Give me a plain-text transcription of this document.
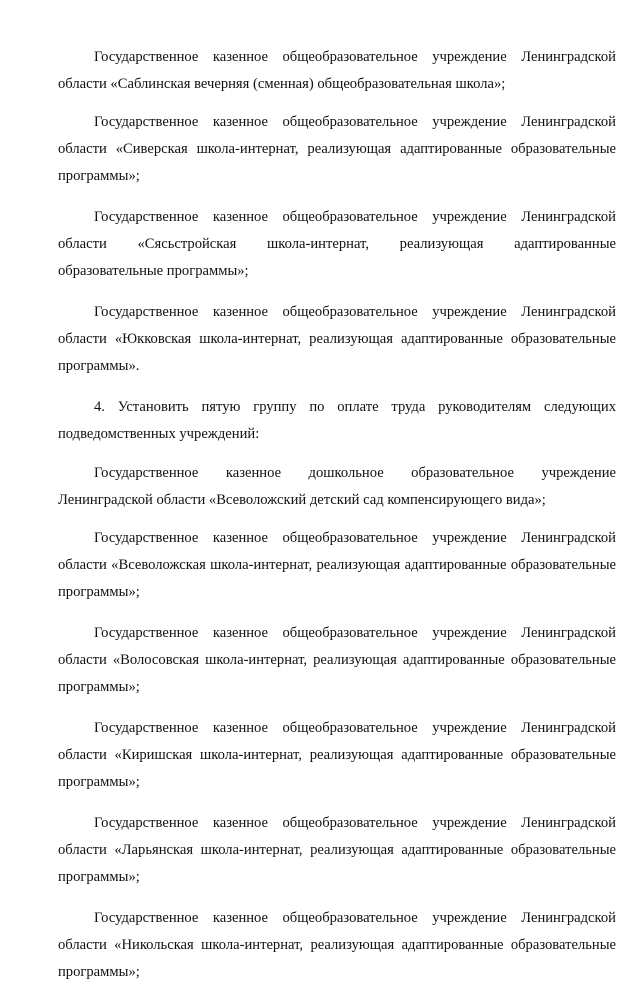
Государственное казенное общеобразовательное учреждение Ленинградской области «Саблинская вечерняя (сменная) общеобразовательная школа»;

Государственное казенное общеобразовательное учреждение Ленинградской области «Сиверская школа-интернат, реализующая адаптированные образовательные программы»;

Государственное казенное общеобразовательное учреждение Ленинградской области «Сясьстройская школа-интернат, реализующая адаптированные образовательные программы»;

Государственное казенное общеобразовательное учреждение Ленинградской области «Юкковская школа-интернат, реализующая адаптированные образовательные программы».

4. Установить пятую группу по оплате труда руководителям следующих подведомственных учреждений:

Государственное казенное дошкольное образовательное учреждение Ленинградской области «Всеволожский детский сад компенсирующего вида»;

Государственное казенное общеобразовательное учреждение Ленинградской области «Всеволожская школа-интернат, реализующая адаптированные образовательные программы»;

Государственное казенное общеобразовательное учреждение Ленинградской области «Волосовская школа-интернат, реализующая адаптированные образовательные программы»;

Государственное казенное общеобразовательное учреждение Ленинградской области «Киришская школа-интернат, реализующая адаптированные образовательные программы»;

Государственное казенное общеобразовательное учреждение Ленинградской области «Ларьянская школа-интернат, реализующая адаптированные образовательные программы»;

Государственное казенное общеобразовательное учреждение Ленинградской области «Никольская школа-интернат, реализующая адаптированные образовательные программы»;
